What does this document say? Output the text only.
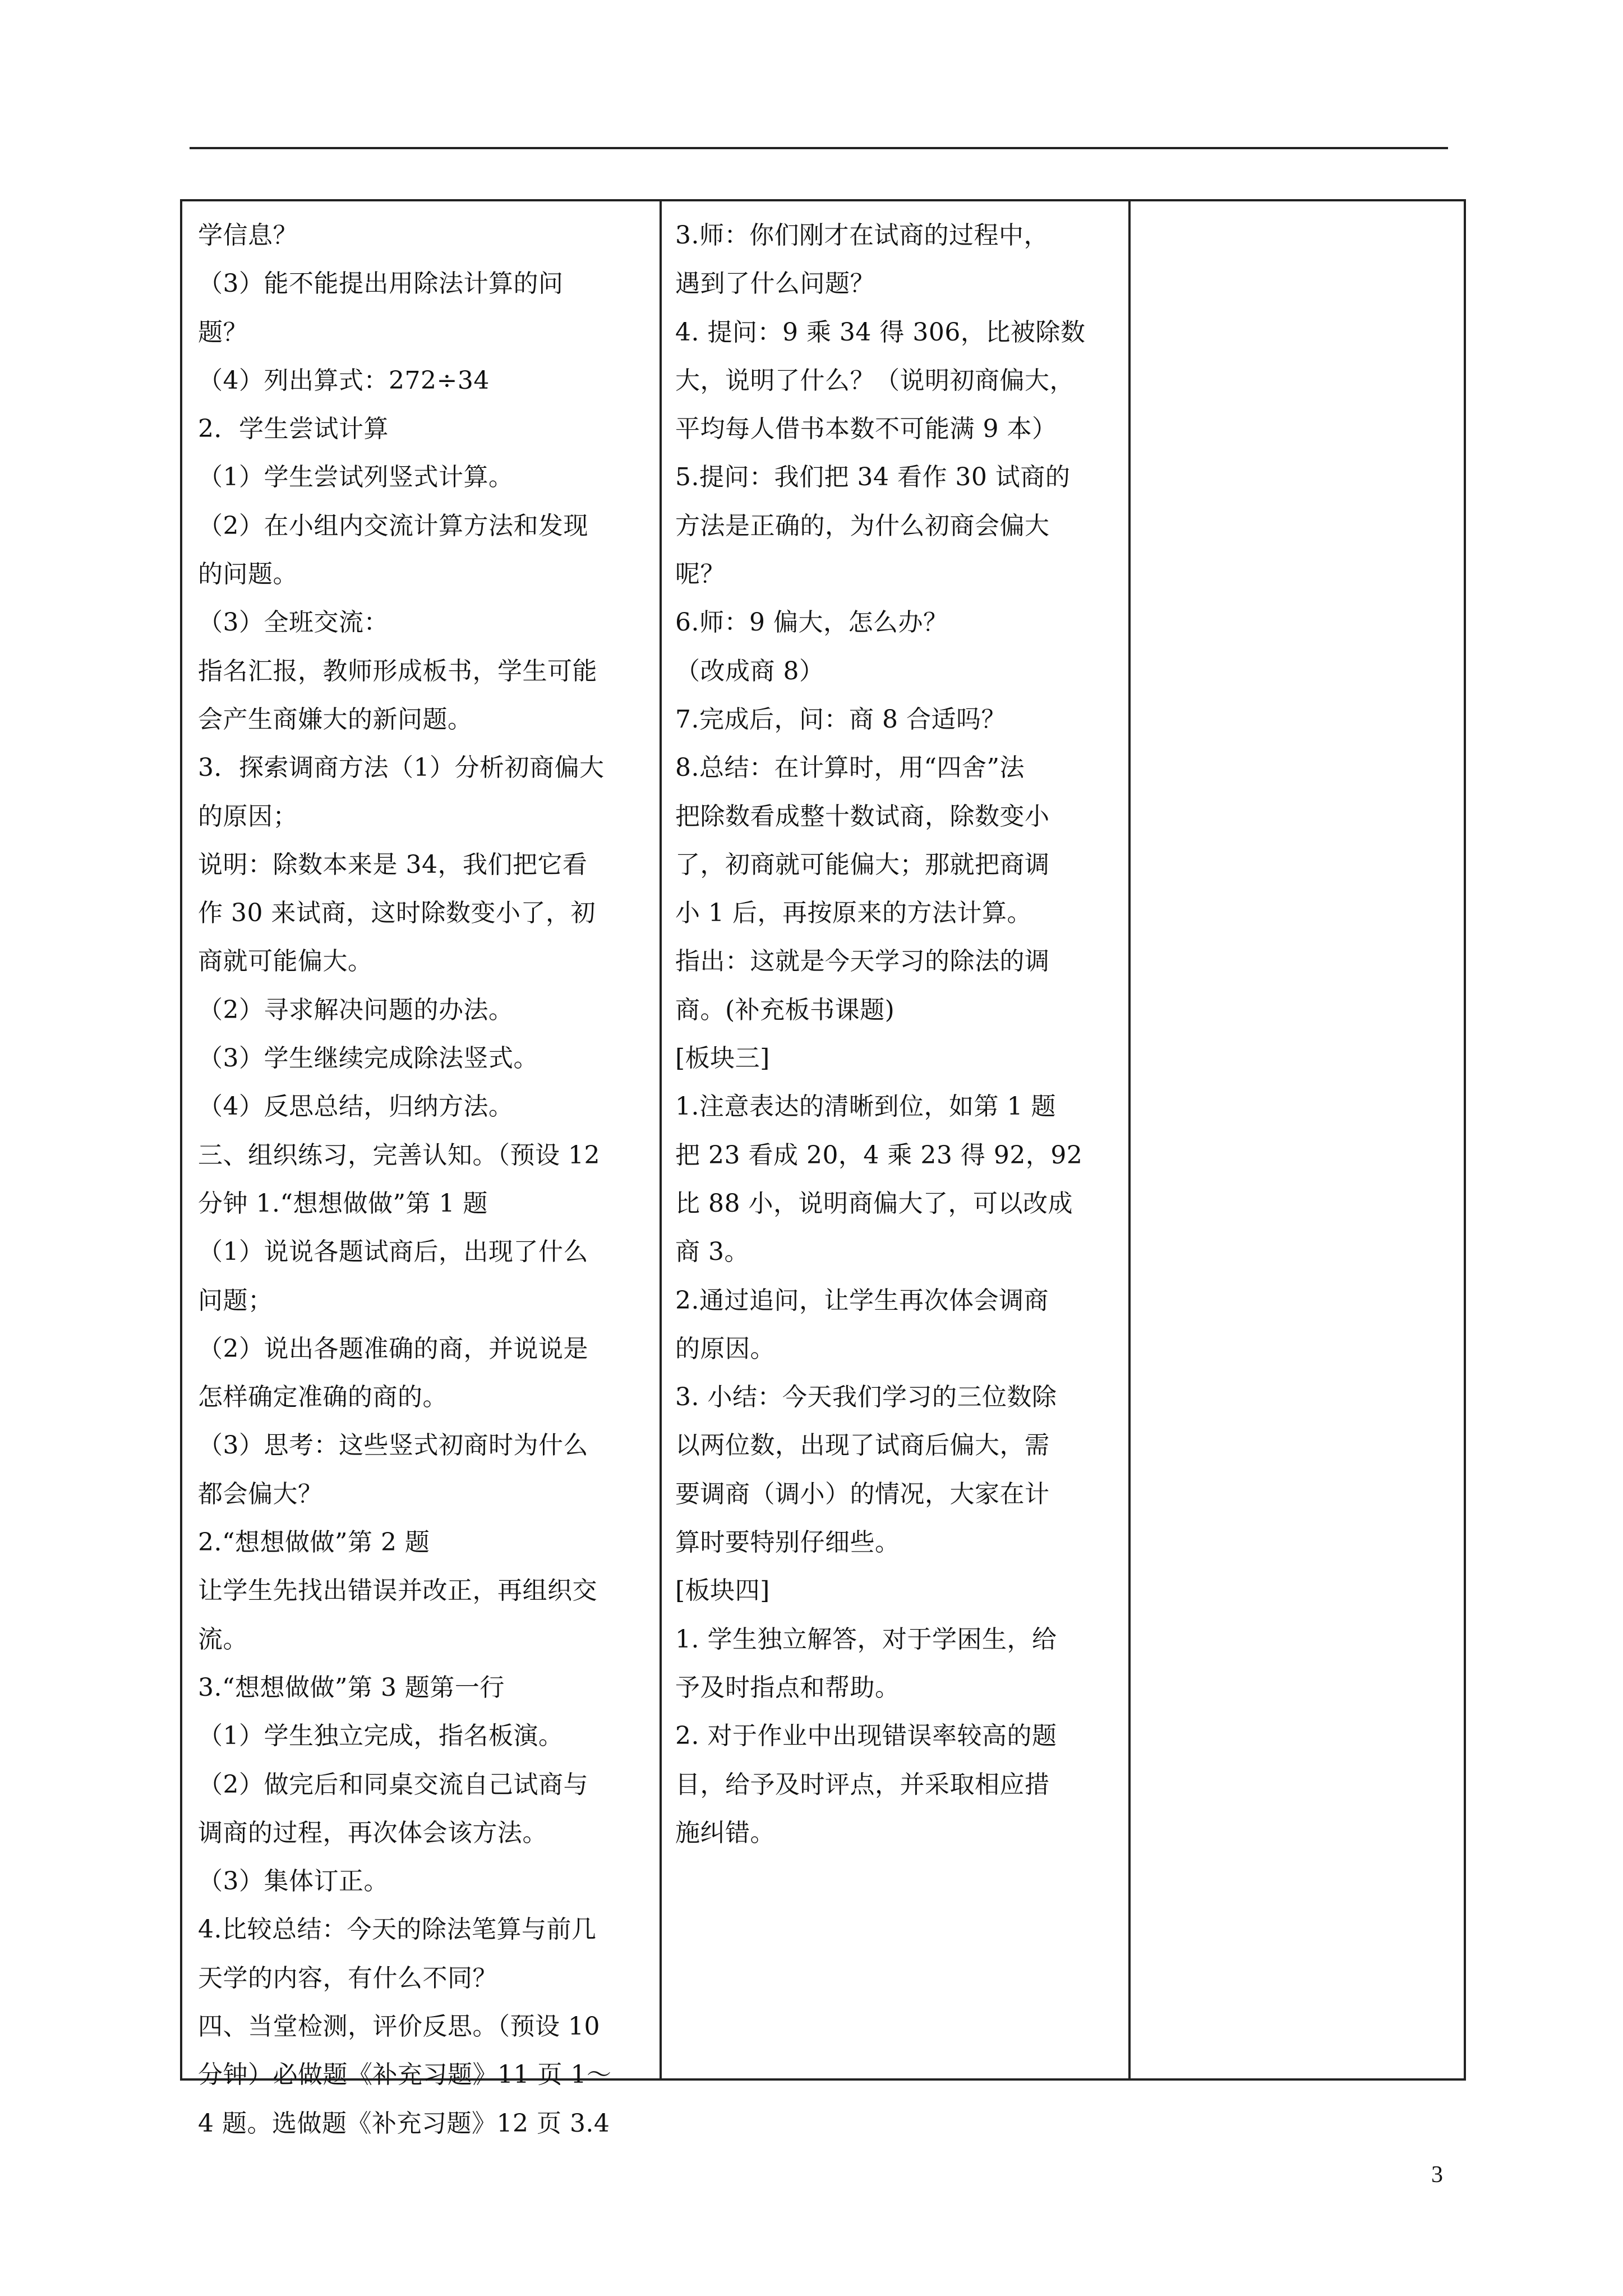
学信息？
（3）能不能提出用除法计算的问
题？
（4）列出算式：272÷34
2．学生尝试计算
（1）学生尝试列竖式计算。
（2）在小组内交流计算方法和发现
的问题。
（3）全班交流：
指名汇报，教师形成板书，学生可能
会产生商嫌大的新问题。
3．探索调商方法（1）分析初商偏大
的原因；
说明：除数本来是 34，我们把它看
作 30 来试商，这时除数变小了，初
商就可能偏大。
（2）寻求解决问题的办法。
（3）学生继续完成除法竖式。
（4）反思总结，归纳方法。
三、组织练习，完善认知。（预设 12
分钟 1.“想想做做”第 1 题
（1）说说各题试商后，出现了什么
问题；
（2）说出各题准确的商，并说说是
怎样确定准确的商的。
（3）思考：这些竖式初商时为什么
都会偏大？
2.“想想做做”第 2 题
让学生先找出错误并改正，再组织交
流。
3.“想想做做”第 3 题第一行
（1）学生独立完成，指名板演。
（2）做完后和同桌交流自己试商与
调商的过程，再次体会该方法。
（3）集体订正。
4.比较总结：今天的除法笔算与前几
天学的内容，有什么不同？
四、当堂检测，评价反思。（预设 10
分钟）必做题《补充习题》11 页 1～
4 题。选做题《补充习题》12 页 3.4
3.师：你们刚才在试商的过程中，
遇到了什么问题？
4. 提问：9 乘 34 得 306，比被除数
大，说明了什么？（说明初商偏大，
平均每人借书本数不可能满 9 本）
5.提问：我们把 34 看作 30 试商的
方法是正确的，为什么初商会偏大
呢？
6.师：9 偏大，怎么办？
（改成商 8）
7.完成后，问：商 8 合适吗？
8.总结：在计算时，用“四舍”法
把除数看成整十数试商，除数变小
了，初商就可能偏大；那就把商调
小 1 后，再按原来的方法计算。
指出：这就是今天学习的除法的调
商。(补充板书课题)
[板块三]
1.注意表达的清晰到位，如第 1 题
把 23 看成 20，4 乘 23 得 92，92
比 88 小，说明商偏大了，可以改成
商 3。
2.通过追问，让学生再次体会调商
的原因。
3. 小结：今天我们学习的三位数除
以两位数，出现了试商后偏大，需
要调商（调小）的情况，大家在计
算时要特别仔细些。
[板块四]
1. 学生独立解答，对于学困生，给
予及时指点和帮助。
2. 对于作业中出现错误率较高的题
目，给予及时评点，并采取相应措
施纠错。
3
